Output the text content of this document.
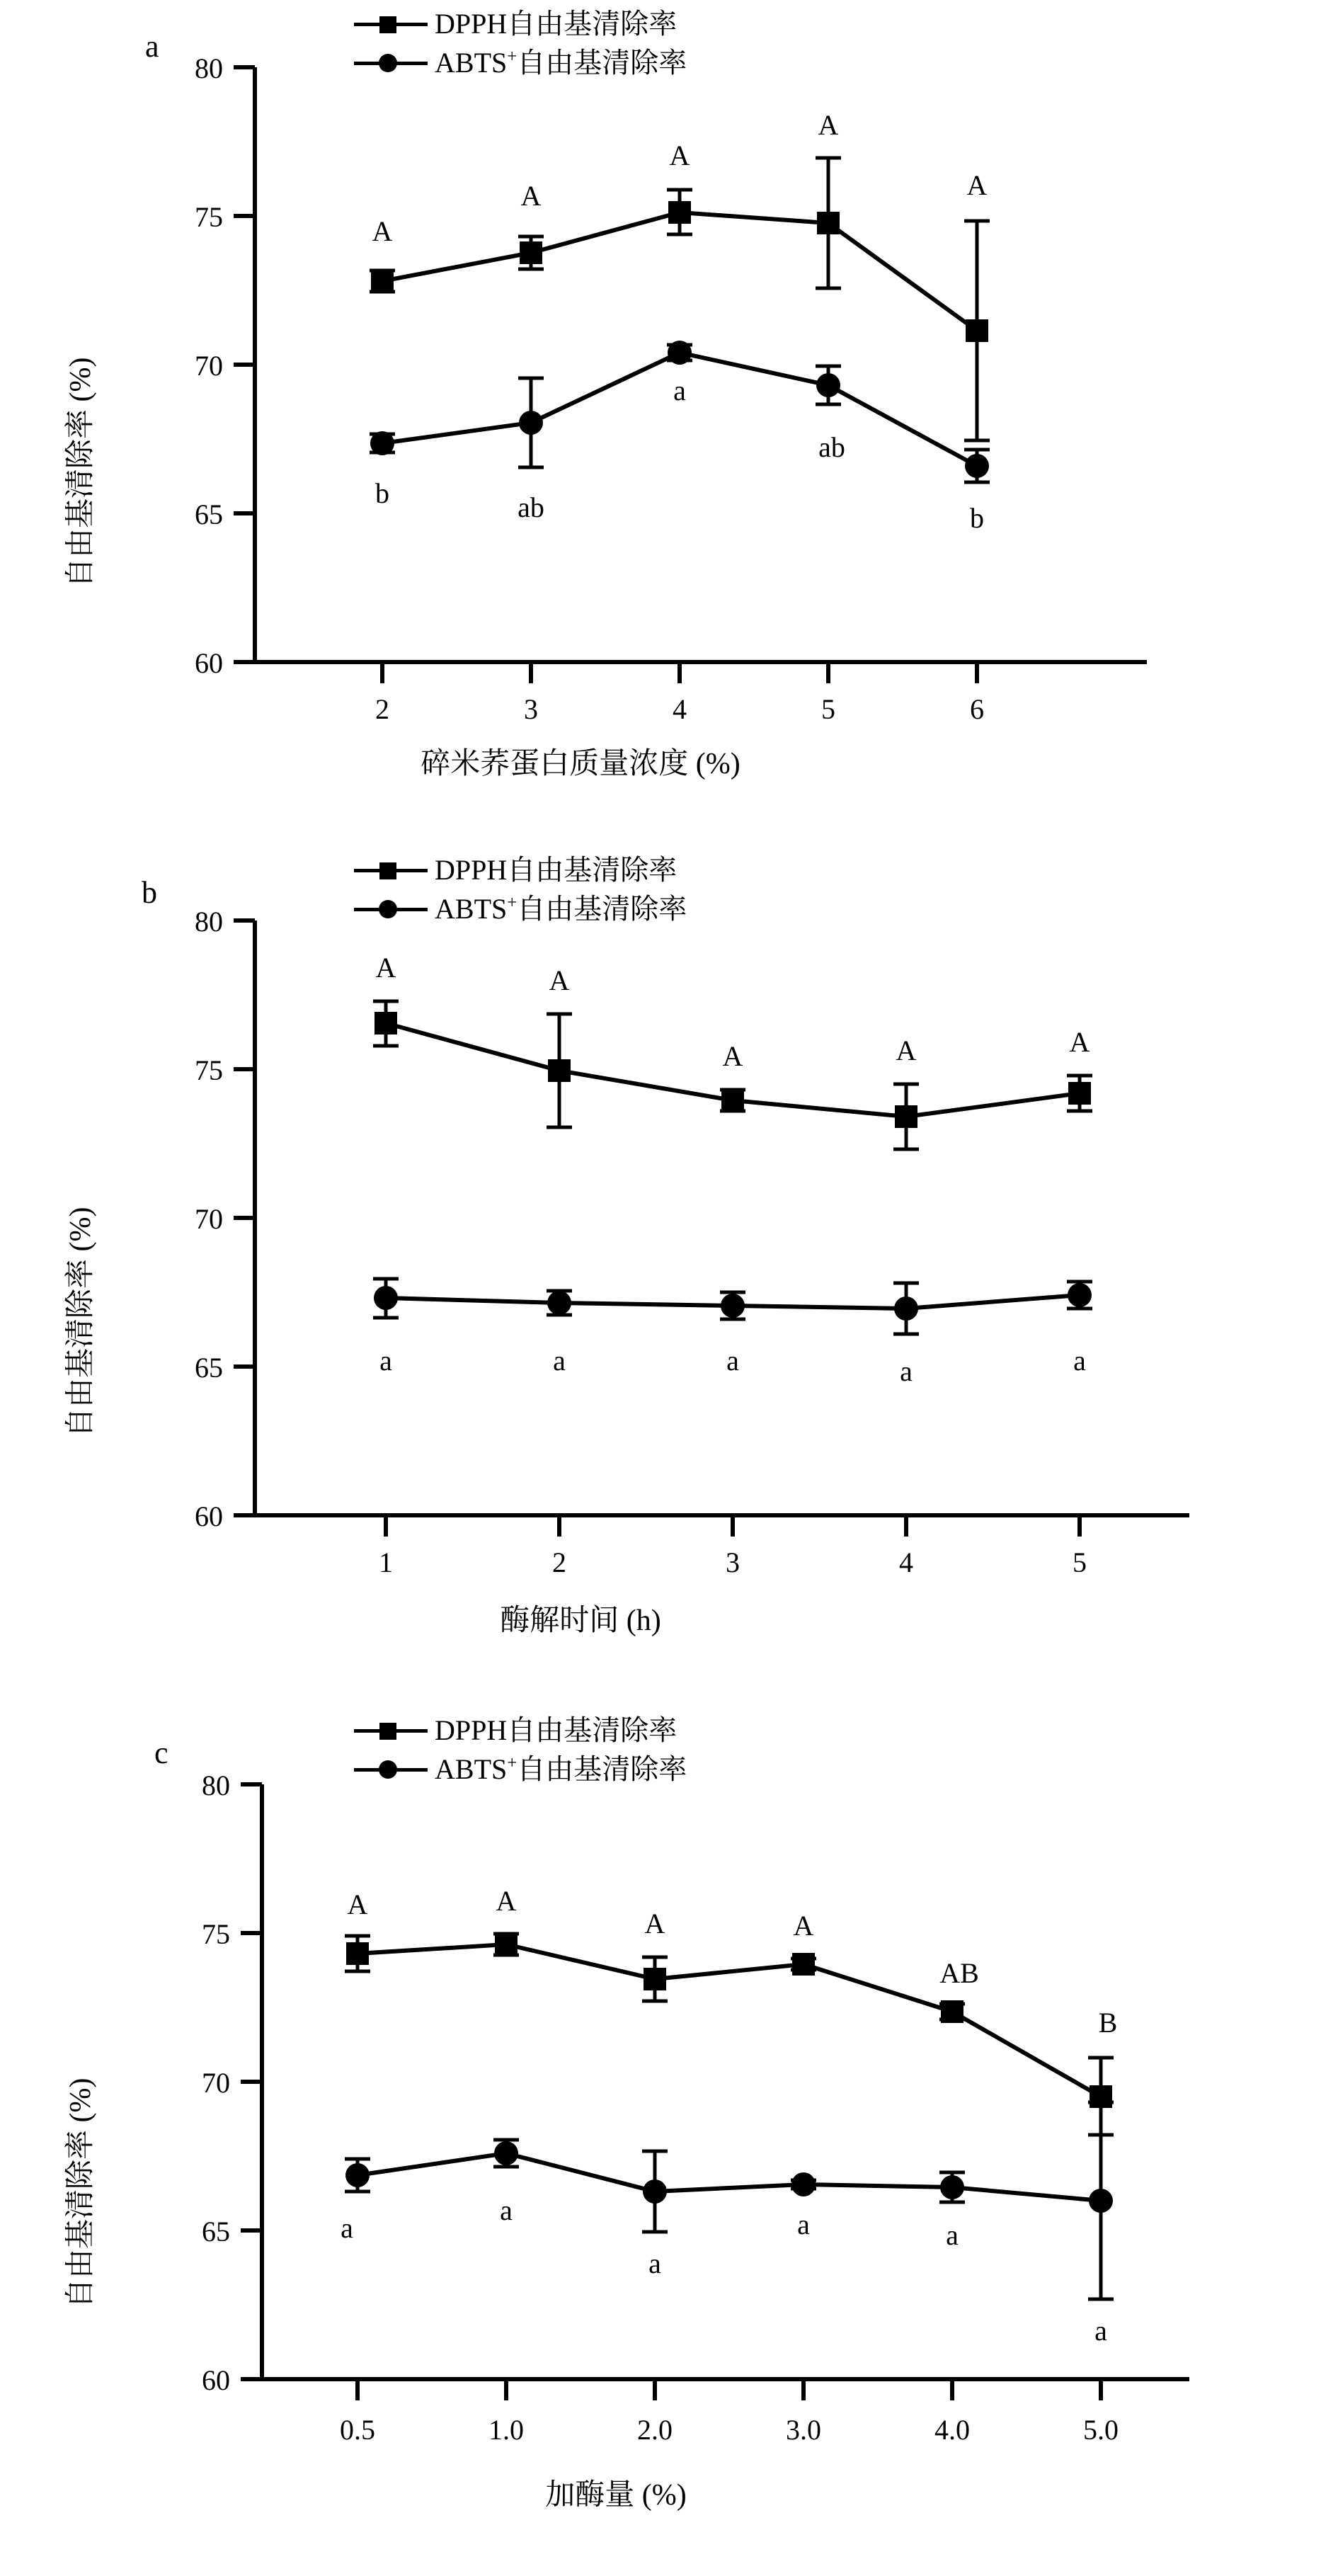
a
DPPH自由基清除率
ABTS+自由基清除率
自由基清除率 (%)
碎米荞蛋白质量浓度 (%)
80
75
70
65
60
2	3	4	5	6
A
A
A
A
A
b	ab
a
ab
b
b
DPPH自由基清除率
ABTS+自由基清除率
自由基清除率 (%)
酶解时间 (h)
80
75
70
65
60
1	2	3	4	5
A	A
A	A	A
a	a	a	a	a
c
DPPH自由基清除率
ABTS+自由基清除率
自由基清除率 (%)
加酶量 (%)
80
75
70
65
60
0.5	1.0	2.0	3.0	4.0	5.0
A	A
A	A
AB
B
a
a
a
a	a
a
